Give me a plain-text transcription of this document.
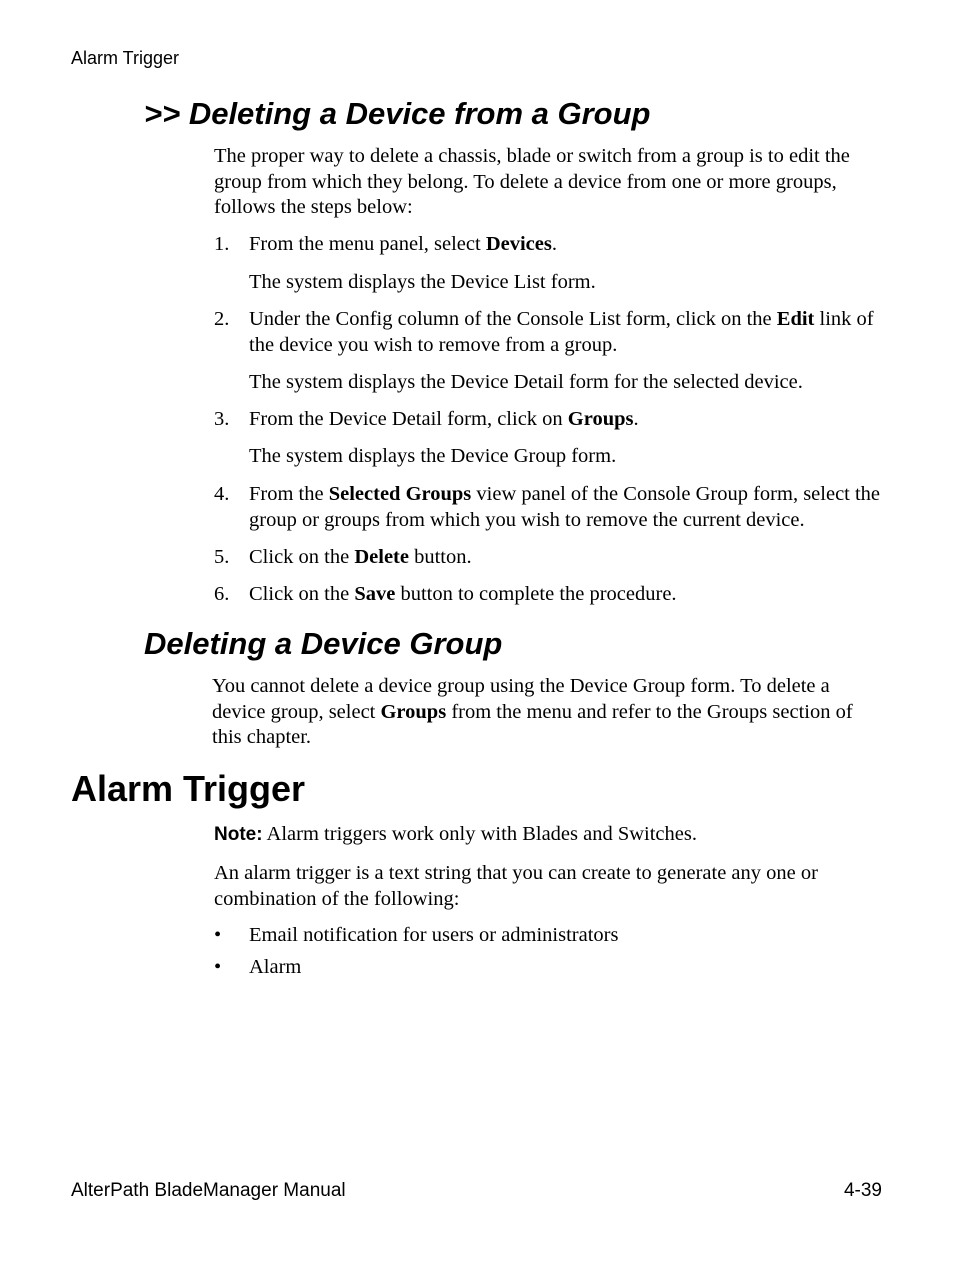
Alarm Trigger
>> Deleting a Device from a Group

The proper way to delete a chassis, blade or switch from a group is to edit the group from which they belong. To delete a device from one or more groups, follows the steps below:

1. From the menu panel, select Devices.

The system displays the Device List form.

2. Under the Config column of the Console List form, click on the Edit link of the device you wish to remove from a group.

The system displays the Device Detail form for the selected device.

3. From the Device Detail form, click on Groups.

The system displays the Device Group form.

4. From the Selected Groups view panel of the Console Group form, select the group or groups from which you wish to remove the current device.
5. Click on the Delete button.
6. Click on the Save button to complete the procedure.
Deleting a Device Group

You cannot delete a device group using the Device Group form. To delete a device group, select Groups from the menu and refer to the Groups section of this chapter.

Alarm Trigger

Note: Alarm triggers work only with Blades and Switches.

An alarm trigger is a text string that you can create to generate any one or combination of the following:

• Email notification for users or administrators
• Alarm
AlterPath BladeManager Manual	4-39
